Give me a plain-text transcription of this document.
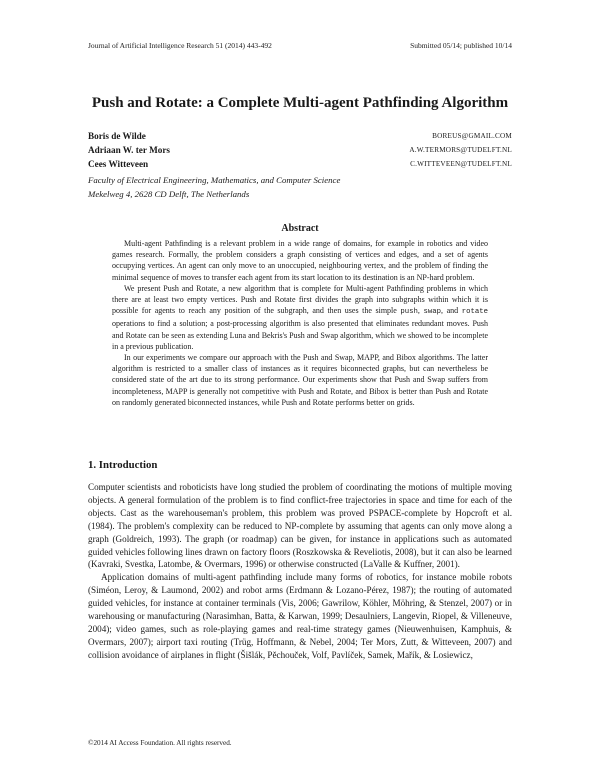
Journal of Artificial Intelligence Research 51 (2014) 443-492	Submitted 05/14; published 10/14
Push and Rotate: a Complete Multi-agent Pathfinding Algorithm
Boris de Wilde	BOREUS@GMAIL.COM
Adriaan W. ter Mors	A.W.TERMORS@TUDELFT.NL
Cees Witteveen	C.WITTEVEEN@TUDELFT.NL
Faculty of Electrical Engineering, Mathematics, and Computer Science
Mekelweg 4, 2628 CD Delft, The Netherlands
Abstract

Multi-agent Pathfinding is a relevant problem in a wide range of domains, for example in robotics and video games research. Formally, the problem considers a graph consisting of vertices and edges, and a set of agents occupying vertices. An agent can only move to an unoccupied, neighbouring vertex, and the problem of finding the minimal sequence of moves to transfer each agent from its start location to its destination is an NP-hard problem.

We present Push and Rotate, a new algorithm that is complete for Multi-agent Pathfinding problems in which there are at least two empty vertices. Push and Rotate first divides the graph into subgraphs within which it is possible for agents to reach any position of the subgraph, and then uses the simple push, swap, and rotate operations to find a solution; a post-processing algorithm is also presented that eliminates redundant moves. Push and Rotate can be seen as extending Luna and Bekris's Push and Swap algorithm, which we showed to be incomplete in a previous publication.

In our experiments we compare our approach with the Push and Swap, MAPP, and Bibox algorithms. The latter algorithm is restricted to a smaller class of instances as it requires biconnected graphs, but can nevertheless be considered state of the art due to its strong performance. Our experiments show that Push and Swap suffers from incompleteness, MAPP is generally not competitive with Push and Rotate, and Bibox is better than Push and Rotate on randomly generated biconnected instances, while Push and Rotate performs better on grids.

1. Introduction

Computer scientists and roboticists have long studied the problem of coordinating the motions of multiple moving objects. A general formulation of the problem is to find conflict-free trajectories in space and time for each of the objects. Cast as the warehouseman's problem, this problem was proved PSPACE-complete by Hopcroft et al. (1984). The problem's complexity can be reduced to NP-complete by assuming that agents can only move along a graph (Goldreich, 1993). The graph (or roadmap) can be given, for instance in applications such as automated guided vehicles following lines drawn on factory floors (Roszkowska & Reveliotis, 2008), but it can also be learned (Kavraki, Svestka, Latombe, & Overmars, 1996) or otherwise constructed (LaValle & Kuffner, 2001).

Application domains of multi-agent pathfinding include many forms of robotics, for instance mobile robots (Siméon, Leroy, & Laumond, 2002) and robot arms (Erdmann & Lozano-Pérez, 1987); the routing of automated guided vehicles, for instance at container terminals (Vis, 2006; Gawrilow, Köhler, Möhring, & Stenzel, 2007) or in warehousing or manufacturing (Narasimhan, Batta, & Karwan, 1999; Desaulniers, Langevin, Riopel, & Villeneuve, 2004); video games, such as role-playing games and real-time strategy games (Nieuwenhuisen, Kamphuis, & Overmars, 2007); airport taxi routing (Trüg, Hoffmann, & Nebel, 2004; Ter Mors, Zutt, & Witteveen, 2007) and collision avoidance of airplanes in flight (Šišlák, Pěchouček, Volf, Pavlíček, Samek, Mařík, & Losiewicz,

©2014 AI Access Foundation. All rights reserved.
